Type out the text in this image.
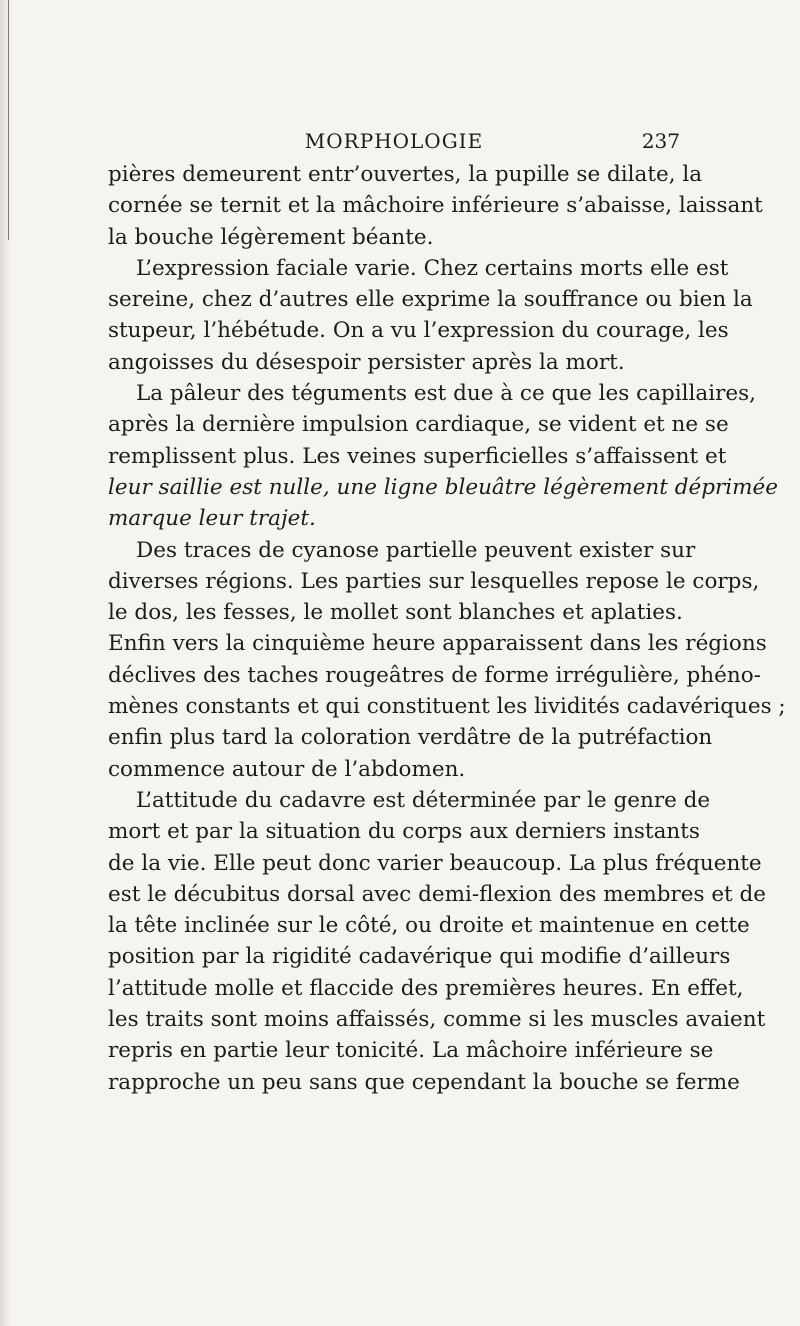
MORPHOLOGIE	237
pières demeurent entr’ouvertes, la pupille se dilate, la
cornée se ternit et la mâchoire inférieure s’abaisse, laissant
la bouche légèrement béante.
L’expression faciale varie. Chez certains morts elle est
sereine, chez d’autres elle exprime la souffrance ou bien la
stupeur, l’hébétude. On a vu l’expression du courage, les
angoisses du désespoir persister après la mort.
La pâleur des téguments est due à ce que les capillaires,
après la dernière impulsion cardiaque, se vident et ne se
remplissent plus. Les veines superficielles s’affaissent et
leur saillie est nulle, une ligne bleuâtre légèrement déprimée
marque leur trajet.
Des traces de cyanose partielle peuvent exister sur
diverses régions. Les parties sur lesquelles repose le corps,
le dos, les fesses, le mollet sont blanches et aplaties.
Enfin vers la cinquième heure apparaissent dans les régions
déclives des taches rougeâtres de forme irrégulière, phéno-
mènes constants et qui constituent les lividités cadavériques ;
enfin plus tard la coloration verdâtre de la putréfaction
commence autour de l’abdomen.
L’attitude du cadavre est déterminée par le genre de
mort et par la situation du corps aux derniers instants
de la vie. Elle peut donc varier beaucoup. La plus fréquente
est le décubitus dorsal avec demi-flexion des membres et de
la tête inclinée sur le côté, ou droite et maintenue en cette
position par la rigidité cadavérique qui modifie d’ailleurs
l’attitude molle et flaccide des premières heures. En effet,
les traits sont moins affaissés, comme si les muscles avaient
repris en partie leur tonicité. La mâchoire inférieure se
rapproche un peu sans que cependant la bouche se ferme
